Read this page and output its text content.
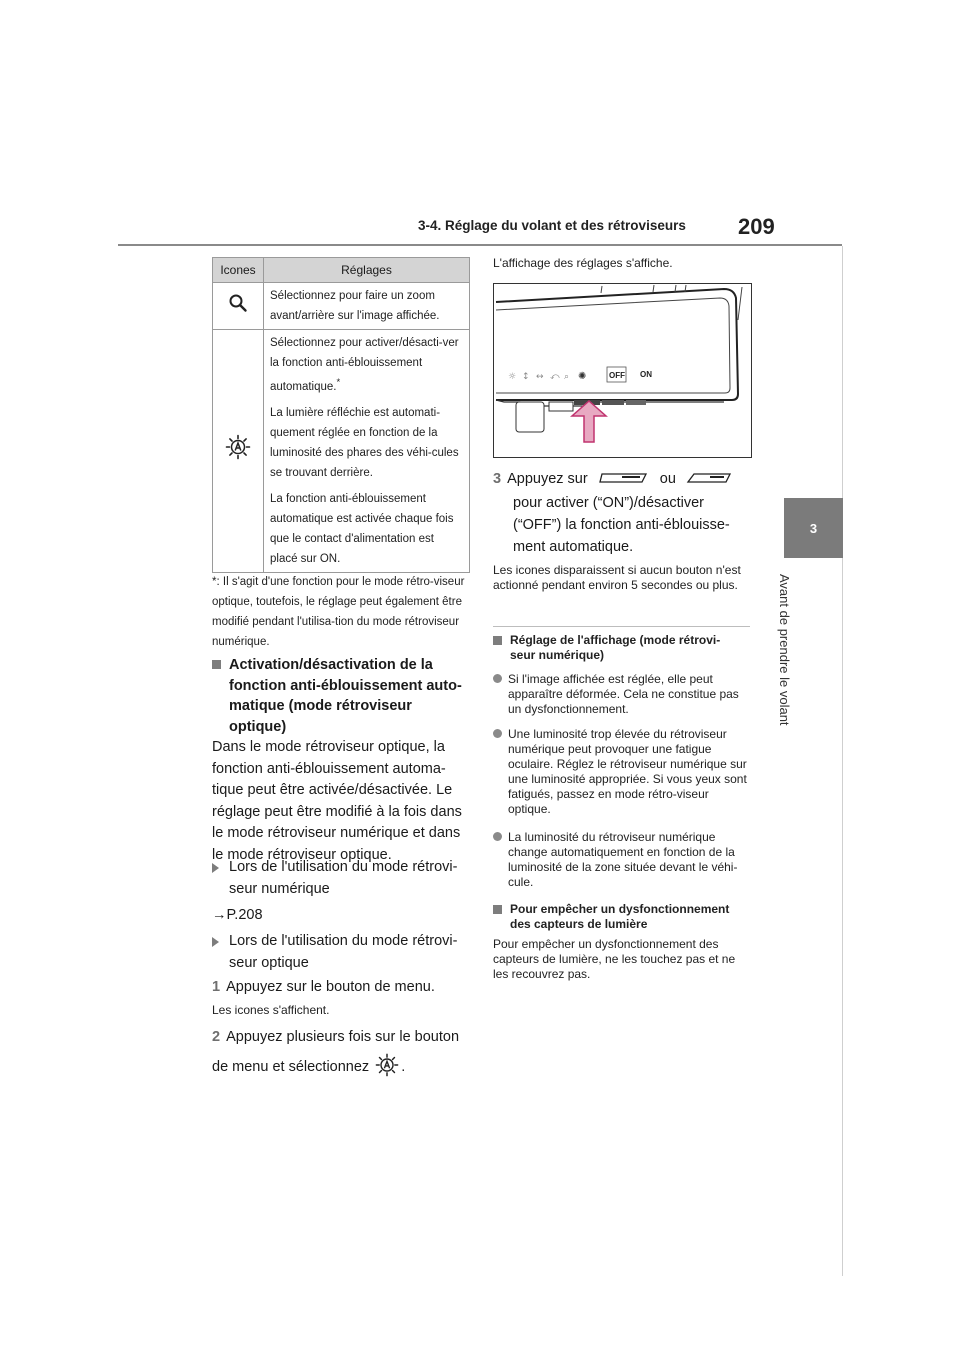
3-4. Réglage du volant et des rétroviseurs 209
3
Avant de prendre le volant
Icones	Réglages
	Sélectionnez pour faire un zoom avant/arrière sur l'image affichée.

Sélectionnez pour activer/désacti-ver la fonction anti-éblouissement automatique.*

La lumière réfléchie est automati-quement réglée en fonction de la luminosité des phares des véhi-cules se trouvant derrière.

La fonction anti-éblouissement automatique est activée chaque fois que le contact d'alimentation est placé sur ON.

*: Il s'agit d'une fonction pour le mode rétro-viseur optique, toutefois, le réglage peut également être modifié pendant l'utilisa-tion du mode rétroviseur numérique.
Activation/désactivation de la fonction anti-éblouissement auto-matique (mode rétroviseur optique)
Dans le mode rétroviseur optique, la fonction anti-éblouissement automa-tique peut être activée/désactivée. Le réglage peut être modifié à la fois dans le mode rétroviseur numérique et dans le mode rétroviseur optique.
Lors de l'utilisation du mode rétrovi-seur numérique
→P.208
Lors de l'utilisation du mode rétrovi-seur optique
1 Appuyez sur le bouton de menu.
Les icones s'affichent.
2 Appuyez plusieurs fois sur le bouton de menu et sélectionnez .
L'affichage des réglages s'affiche.
☼ ↕ ↔ ⤺ ⌕ ✺	OFF ON
3 Appuyez sur	ou
pour activer (“ON”)/désactiver (“OFF”) la fonction anti-éblouisse-ment automatique.
Les icones disparaissent si aucun bouton n'est actionné pendant environ 5 secondes ou plus.
Réglage de l'affichage (mode rétrovi-seur numérique)
Si l'image affichée est réglée, elle peut apparaître déformée. Cela ne constitue pas un dysfonctionnement.
Une luminosité trop élevée du rétroviseur numérique peut provoquer une fatigue oculaire. Réglez le rétroviseur numérique sur une luminosité appropriée. Si vous yeux sont fatigués, passez en mode rétro-viseur optique.
La luminosité du rétroviseur numérique change automatiquement en fonction de la luminosité de la zone située devant le véhi-cule.
Pour empêcher un dysfonctionnement des capteurs de lumière
Pour empêcher un dysfonctionnement des capteurs de lumière, ne les touchez pas et ne les recouvrez pas.
